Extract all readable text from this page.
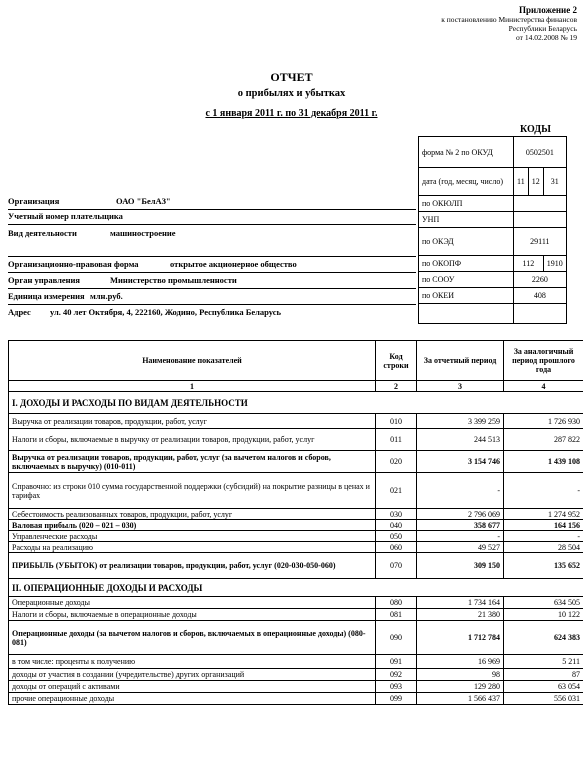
Приложение 2
к постановлению Министерства финансов
Республики Беларусь
от 14.02.2008 № 19
ОТЧЕТ
о прибылях и убытках
с 1 января 2011 г. по 31 декабря 2011 г.
КОДЫ
форма № 2 по ОКУД	0502501		
дата (год, месяц, число)	11	12	31
по ОКЮЛП			
УНП			
по ОКЭД	29111		
по ОКОПФ	112		1910
по СООУ	2260		
по ОКЕИ	408		

Организация	ОАО "БелАЗ"
Учетный номер плательщика
Вид деятельности	машиностроение
Организационно-правовая форма	открытое акционерное общество
Орган управления	Министерство промышленности
Единица измерения млн.руб.
Адрес ул. 40 лет Октября, 4, 222160, Жодино, Республика Беларусь
Наименование показателей	Код строки	За отчетный период	За аналогичный период прошлого года
1	2	3	4
I. ДОХОДЫ И РАСХОДЫ ПО ВИДАМ ДЕЯТЕЛЬНОСТИ			
Выручка от реализации товаров, продукции, работ, услуг	010	3 399 259	1 726 930
Налоги и сборы, включаемые в выручку от реализации товаров, продукции, работ, услуг	011	244 513	287 822
Выручка от реализации товаров, продукции, работ, услуг (за вычетом налогов и сборов, включаемых в выручку) (010-011)	020	3 154 746	1 439 108
Справочно: из строки 010 сумма государственной поддержки (субсидий) на покрытие разницы в ценах и тарифах	021	-	-
Себестоимость реализованных товаров, продукции, работ, услуг	030	2 796 069	1 274 952
Валовая прибыль (020 – 021 – 030)	040	358 677	164 156
Управленческие расходы	050	-	-
Расходы на реализацию	060	49 527	28 504
ПРИБЫЛЬ (УБЫТОК) от реализации товаров, продукции, работ, услуг (020-030-050-060)	070	309 150	135 652
II. ОПЕРАЦИОННЫЕ ДОХОДЫ И РАСХОДЫ			
Операционные доходы	080	1 734 164	634 505
Налоги и сборы, включаемые в операционные доходы	081	21 380	10 122
Операционные доходы (за вычетом налогов и сборов, включаемых в операционные доходы) (080-081)	090	1 712 784	624 383
в том числе: проценты к получению	091	16 969	5 211
доходы от участия в создании (учредительстве) других организаций	092	98	87
доходы от операций с активами	093	129 280	63 054
прочие операционные доходы	099	1 566 437	556 031
